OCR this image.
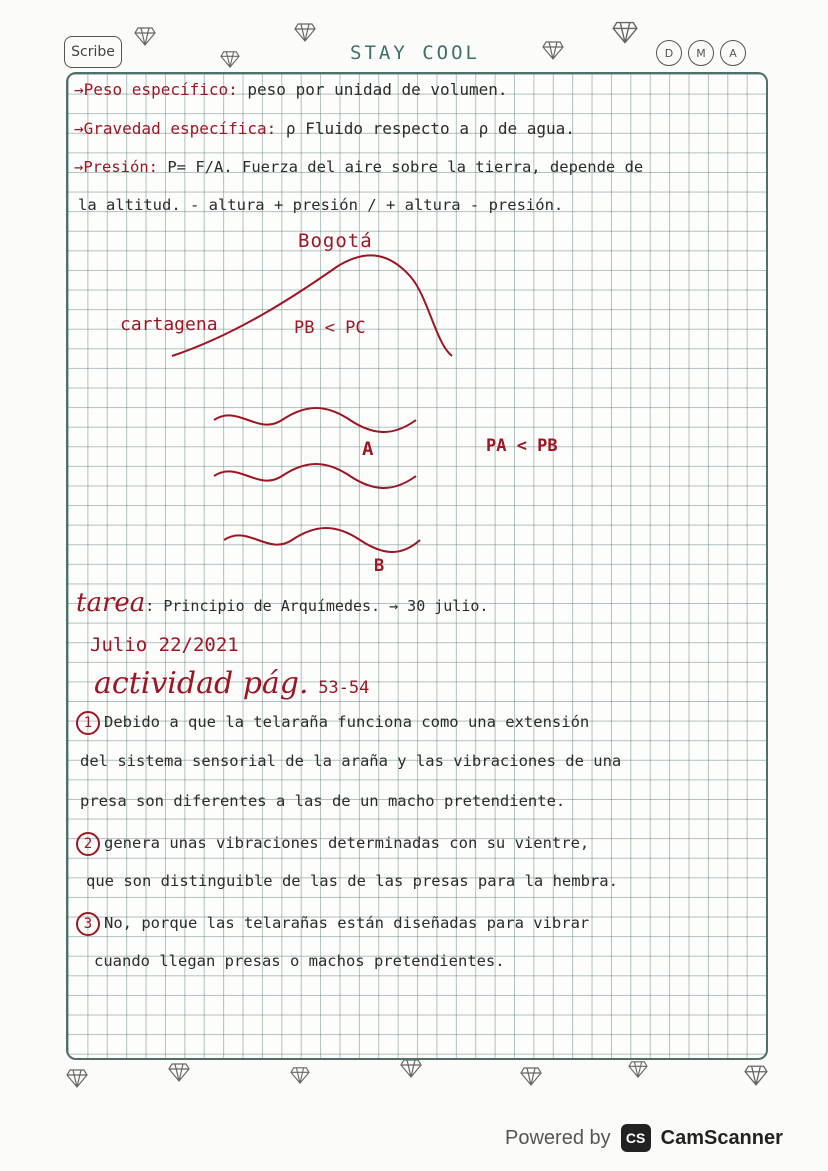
Scribe	STAY COOL	D	M	A
→Peso específico: peso por unidad de volumen.
→Gravedad específica: ρ Fluido respecto a ρ de agua.
→Presión: P= F/A. Fuerza del aire sobre la tierra, depende de
la altitud. - altura + presión / + altura - presión.
Bogotá
cartagena	PB < PC
A	PA < PB
B
tarea: Principio de Arquímedes. → 30 julio.
Julio 22/2021
actividad pág. 53-54
1 Debido a que la telaraña funciona como una extensión
del sistema sensorial de la araña y las vibraciones de una
presa son diferentes a las de un macho pretendiente.
2 genera unas vibraciones determinadas con su vientre,
que son distinguible de las de las presas para la hembra.
3 No, porque las telarañas están diseñadas para vibrar
cuando llegan presas o machos pretendientes.
Powered by	CS CamScanner
